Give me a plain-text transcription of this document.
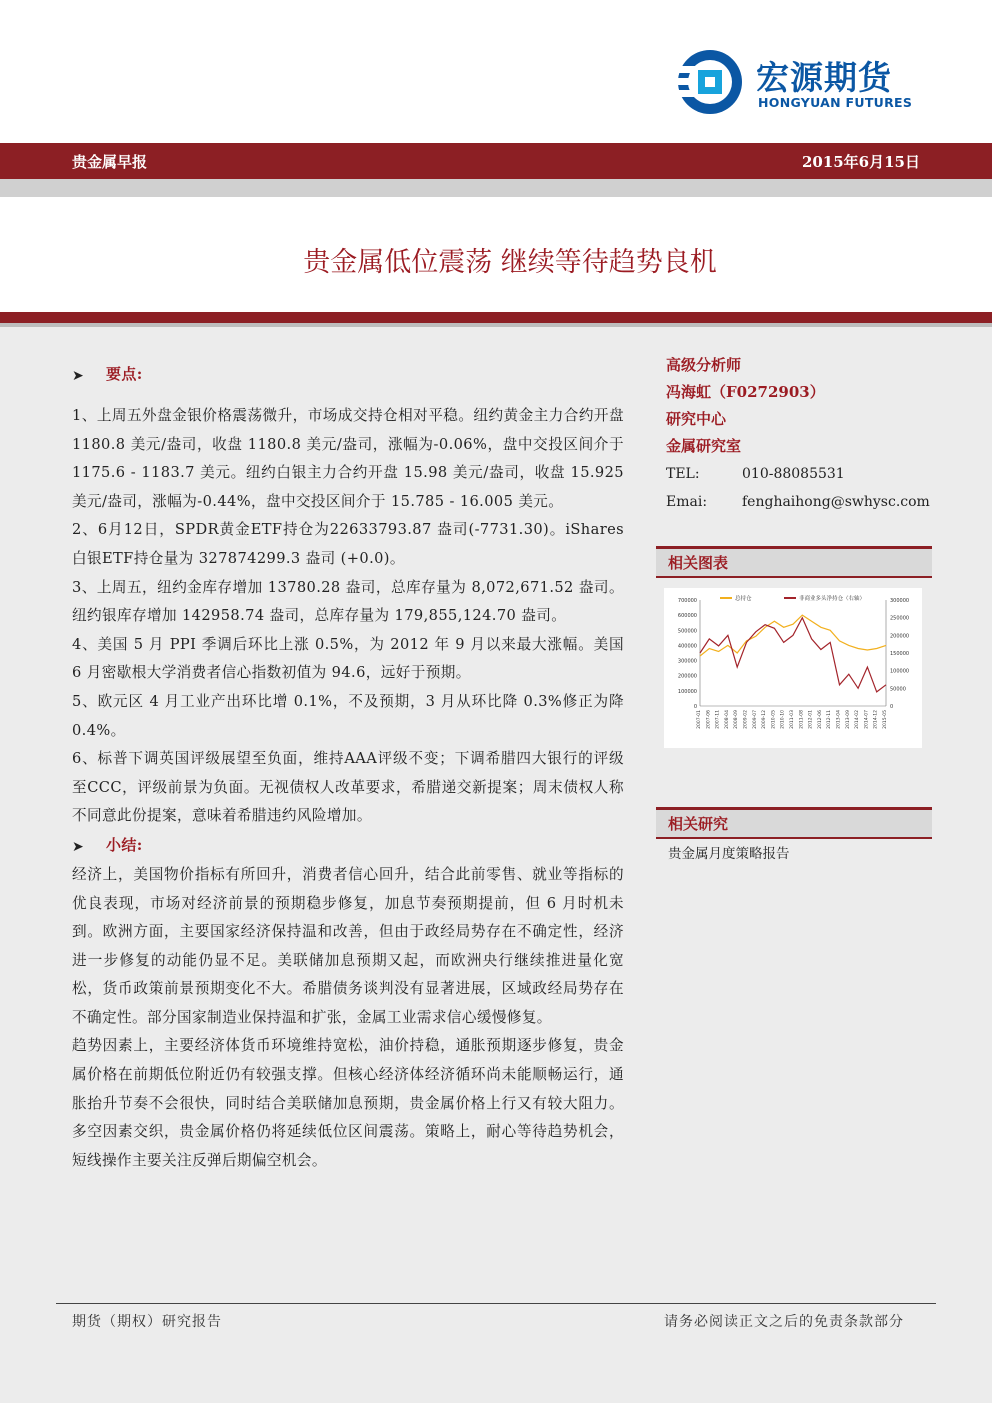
宏源期货
HONGYUAN FUTURES
贵金属早报	2015年6月15日
贵金属低位震荡 继续等待趋势良机
➤ 要点:

1、上周五外盘金银价格震荡微升，市场成交持仓相对平稳。纽约黄金主力合约开盘 1180.8 美元/盎司，收盘 1180.8 美元/盎司，涨幅为-0.06%，盘中交投区间介于 1175.6 - 1183.7 美元。纽约白银主力合约开盘 15.98 美元/盎司，收盘 15.925 美元/盎司，涨幅为-0.44%，盘中交投区间介于 15.785 - 16.005 美元。

2、6月12日，SPDR黄金ETF持仓为22633793.87 盎司(-7731.30)。iShares 白银ETF持仓量为 327874299.3 盎司 (+0.0)。

3、上周五，纽约金库存增加 13780.28 盎司，总库存量为 8,072,671.52 盎司。纽约银库存增加 142958.74 盎司，总库存量为 179,855,124.70 盎司。

4、美国 5 月 PPI 季调后环比上涨 0.5%，为 2012 年 9 月以来最大涨幅。美国 6 月密歇根大学消费者信心指数初值为 94.6，远好于预期。

5、欧元区 4 月工业产出环比增 0.1%，不及预期，3 月从环比降 0.3%修正为降 0.4%。

6、标普下调英国评级展望至负面，维持AAA评级不变；下调希腊四大银行的评级至CCC，评级前景为负面。无视债权人改革要求，希腊递交新提案；周末债权人称不同意此份提案，意味着希腊违约风险增加。

➤ 小结:

经济上，美国物价指标有所回升，消费者信心回升，结合此前零售、就业等指标的优良表现，市场对经济前景的预期稳步修复，加息节奏预期提前，但 6 月时机未到。欧洲方面，主要国家经济保持温和改善，但由于政经局势存在不确定性，经济进一步修复的动能仍显不足。美联储加息预期又起，而欧洲央行继续推进量化宽松，货币政策前景预期变化不大。希腊债务谈判没有显著进展，区域政经局势存在不确定性。部分国家制造业保持温和扩张，金属工业需求信心缓慢修复。

趋势因素上，主要经济体货币环境维持宽松，油价持稳，通胀预期逐步修复，贵金属价格在前期低位附近仍有较强支撑。但核心经济体经济循环尚未能顺畅运行，通胀抬升节奏不会很快，同时结合美联储加息预期，贵金属价格上行又有较大阻力。多空因素交织，贵金属价格仍将延续低位区间震荡。策略上，耐心等待趋势机会，短线操作主要关注反弹后期偏空机会。

高级分析师
冯海虹（F0272903）
研究中心
金属研究室
TEL:	010-88085531
Emai:	fenghaihong@swhysc.com
相关图表
700000
600000
500000
400000
300000
200000
100000
0
300000
250000
200000
150000
100000
50000
0
2007-01 2007-06 2007-11 2008-04 2008-09 2009-02 2009-07 2009-12 2010-05 2010-10 2011-03 2011-08 2012-01 2012-06 2012-11 2013-04 2013-09 2014-02 2014-07 2014-12 2015-05
总持仓	非商业多头净持仓（右轴）
相关研究
贵金属月度策略报告
期货（期权）研究报告	请务必阅读正文之后的免责条款部分
